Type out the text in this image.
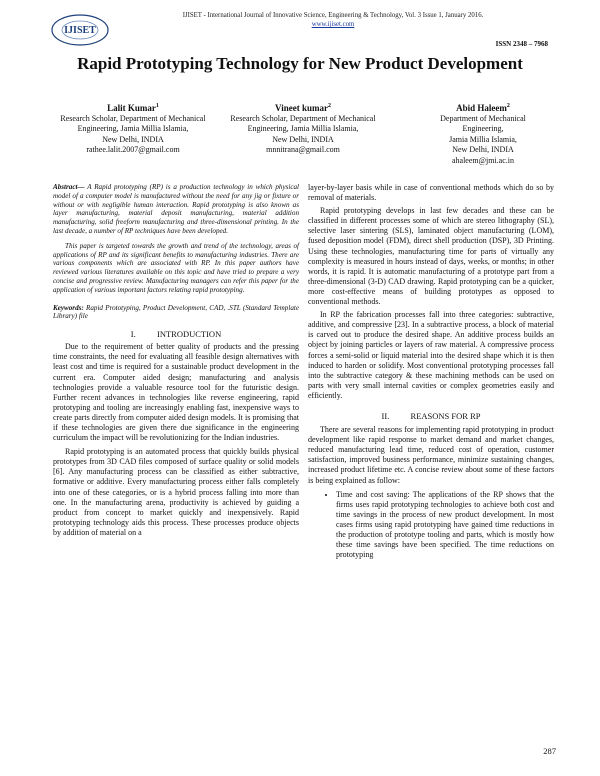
IJISET
IJISET - International Journal of Innovative Science, Engineering & Technology, Vol. 3 Issue 1, January 2016.
www.ijiset.com
ISSN 2348 – 7968
Rapid Prototyping Technology for New Product Development
Lalit Kumar$^1$
Research Scholar, Department of Mechanical
Engineering, Jamia Millia Islamia,
New Delhi, INDIA
rathee.lalit.2007@gmail.com
Vineet kumar$^2$
Research Scholar, Department of Mechanical
Engineering, Jamia Millia Islamia,
New Delhi, INDIA
mnnitrana@gmail.com
Abid Haleem$^2$
Department of Mechanical
Engineering,
Jamia Millia Islamia,
New Delhi, INDIA
ahaleem@jmi.ac.in

Abstract— A Rapid prototyping (RP) is a production technology in which physical model of a computer model is manufactured without the need for any jig or fixture or without or with negligible human interaction. Rapid prototyping is also known as layer manufacturing, material deposit manufacturing, material addition manufacturing, solid freeform manufacturing and three-dimensional printing. In the last decade, a number of RP techniques have been developed.

This paper is targeted towards the growth and trend of the technology, areas of applications of RP and its significant benefits to manufacturing industries. There are various components which are associated with RP. In this paper authors have reviewed various literatures available on this topic and have tried to prepare a very concise and progressive review. Manufacturing managers can refer this paper for the application of various important factors relating rapid prototyping.

Keywords: Rapid Prototyping, Product Development, CAD, .STL (Standard Template Library) file

I.          INTRODUCTION

Due to the requirement of better quality of products and the pressing time constraints, the need for evaluating all feasible design alternatives with least cost and time is required for a sustainable product development in the current era. Computer aided design; manufacturing and analysis technologies provide a valuable resource tool for the futuristic design. Further recent advances in technologies like reverse engineering, rapid prototyping and tooling are increasingly enabling fast, inexpensive ways to create parts directly from computer aided design models. It is promising that if these technologies are given there due significance in the engineering curriculum the impact will be revolutionizing for the Indian industries.

Rapid prototyping is an automated process that quickly builds physical prototypes from 3D CAD files composed of surface quality or solid models [6]. Any manufacturing process can be classified as either subtractive, formative or additive. Every manufacturing process either falls completely into one of these categories, or is a hybrid process falling into more than one. In the manufacturing arena, productivity is achieved by guiding a product from concept to market quickly and inexpensively. Rapid prototyping technology aids this process. These processes produce objects by addition of material on a

layer-by-layer basis while in case of conventional methods which do so by removal of materials.

Rapid prototyping develops in last few decades and these can be classified in different processes some of which are stereo lithography (SL), selective laser sintering (SLS), laminated object manufacturing (LOM), fused deposition model (FDM), direct shell production (DSP), 3D Printing. Using these technologies, manufacturing time for parts of virtually any complexity is measured in hours instead of days, weeks, or months; in other words, it is rapid. It is automatic manufacturing of a prototype part from a three-dimensional (3-D) CAD drawing. Rapid prototyping can be a quicker, more cost-effective means of building prototypes as opposed to conventional methods.

In RP the fabrication processes fall into three categories: subtractive, additive, and compressive [23]. In a subtractive process, a block of material is carved out to produce the desired shape. An additive process builds an object by joining particles or layers of raw material. A compressive process forces a semi-solid or liquid material into the desired shape which it is then induced to harden or solidify. Most conventional prototyping processes fall into the subtractive category & these machining methods can be used on parts with very small internal cavities or complex geometries easily and efficiently.

II.          REASONS FOR RP

There are several reasons for implementing rapid prototyping in product development like rapid response to market demand and market changes, reduced manufacturing lead time, reduced cost of operation, customer satisfaction, improved business performance, minimize sustaining changes, increased product lifetime etc. A concise review about some of these factors is being explained as follow:

• Time and cost saving: The applications of the RP shows that the firms uses rapid prototyping technologies to achieve both cost and time savings in the process of new product development. In most cases firms using rapid prototyping have gained time reductions in the production of prototype tooling and parts, which is mostly how these time savings have been specified. The time reductions on prototyping
287
